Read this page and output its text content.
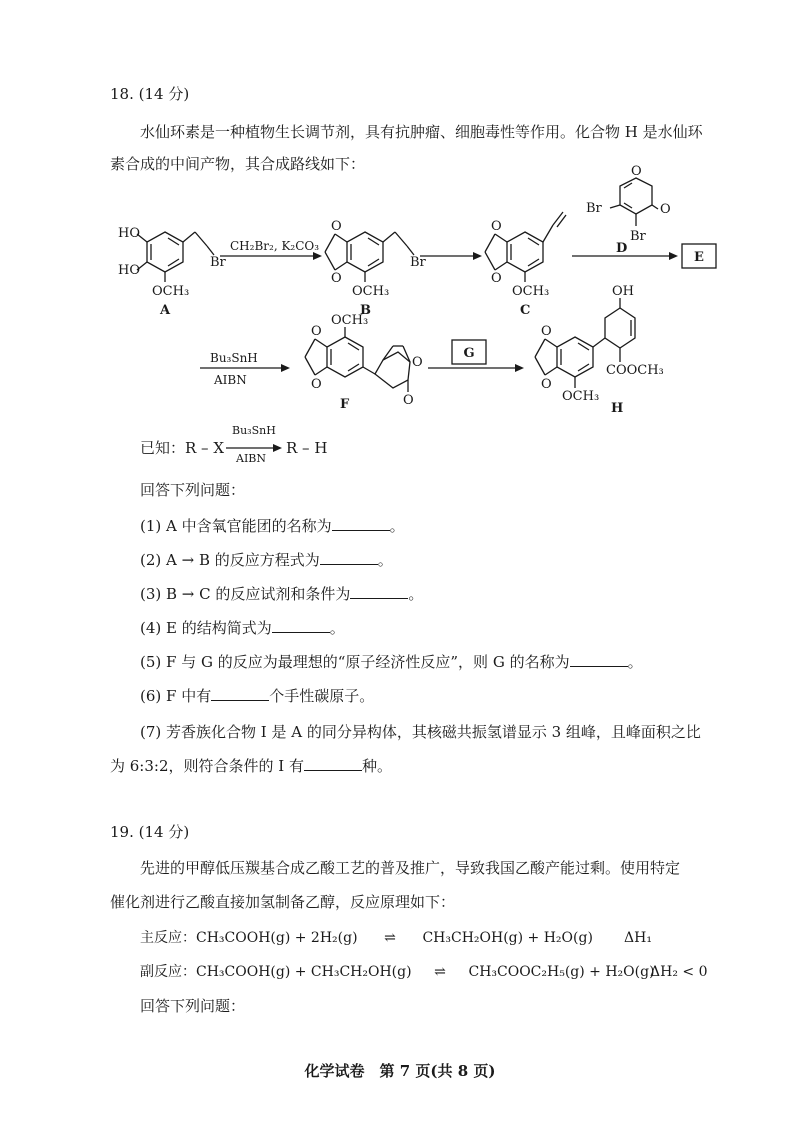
18. (14 分)
水仙环素是一种植物生长调节剂，具有抗肿瘤、细胞毒性等作用。化合物 H 是水仙环
素合成的中间产物，其合成路线如下：
E
G
HO
HO
OCH₃
Br
A
O
O
OCH₃
Br
B
CH₂Br₂, K₂CO₃
O
O
OCH₃
C
O
O
Br
Br
D
Bu₃SnH
AIBN
OCH₃
O
O
O
O
F
OH
O
O
OCH₃
COOCH₃
H
已知：R – X
Bu₃SnH
AIBN
R – H
回答下列问题：
(1) A 中含氧官能团的名称为	。
(2) A → B 的反应方程式为	。
(3) B → C 的反应试剂和条件为	。
(4) E 的结构简式为	。
(5) F 与 G 的反应为最理想的“原子经济性反应”，则 G 的名称为	。
(6) F 中有	个手性碳原子。
(7) 芳香族化合物 I 是 A 的同分异构体，其核磁共振氢谱显示 3 组峰，且峰面积之比
为 6:3:2，则符合条件的 I 有	种。
19. (14 分)
先进的甲醇低压羰基合成乙酸工艺的普及推广，导致我国乙酸产能过剩。使用特定
催化剂进行乙酸直接加氢制备乙醇，反应原理如下：
主反应：CH₃COOH(g) + 2H₂(g) ⇌ CH₃CH₂OH(g) + H₂O(g) ΔH₁
副反应：CH₃COOH(g) + CH₃CH₂OH(g) ⇌ CH₃COOC₂H₅(g) + H₂O(g)
ΔH₂ < 0
回答下列问题：
化学试卷　第 7 页(共 8 页)
